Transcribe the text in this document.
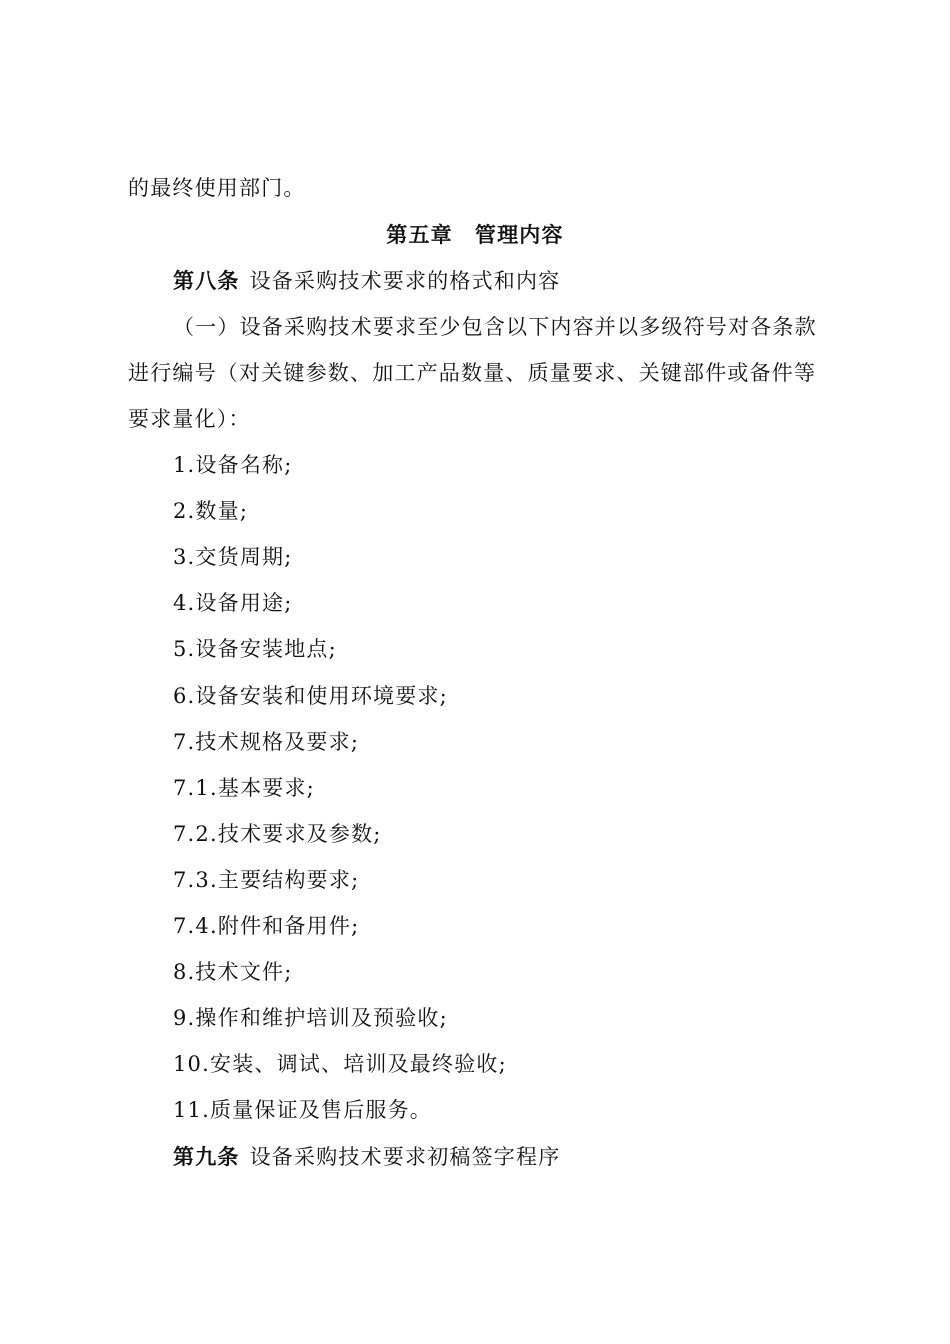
的最终使用部门。
第五章 管理内容
第八条 设备采购技术要求的格式和内容
（一）设备采购技术要求至少包含以下内容并以多级符号对各条款
进行编号（对关键参数、加工产品数量、质量要求、关键部件或备件等
要求量化）：
1.设备名称;
2.数量;
3.交货周期;
4.设备用途;
5.设备安装地点;
6.设备安装和使用环境要求;
7.技术规格及要求;
7.1.基本要求;
7.2.技术要求及参数;
7.3.主要结构要求;
7.4.附件和备用件;
8.技术文件;
9.操作和维护培训及预验收;
10.安装、调试、培训及最终验收;
11.质量保证及售后服务。
第九条 设备采购技术要求初稿签字程序
